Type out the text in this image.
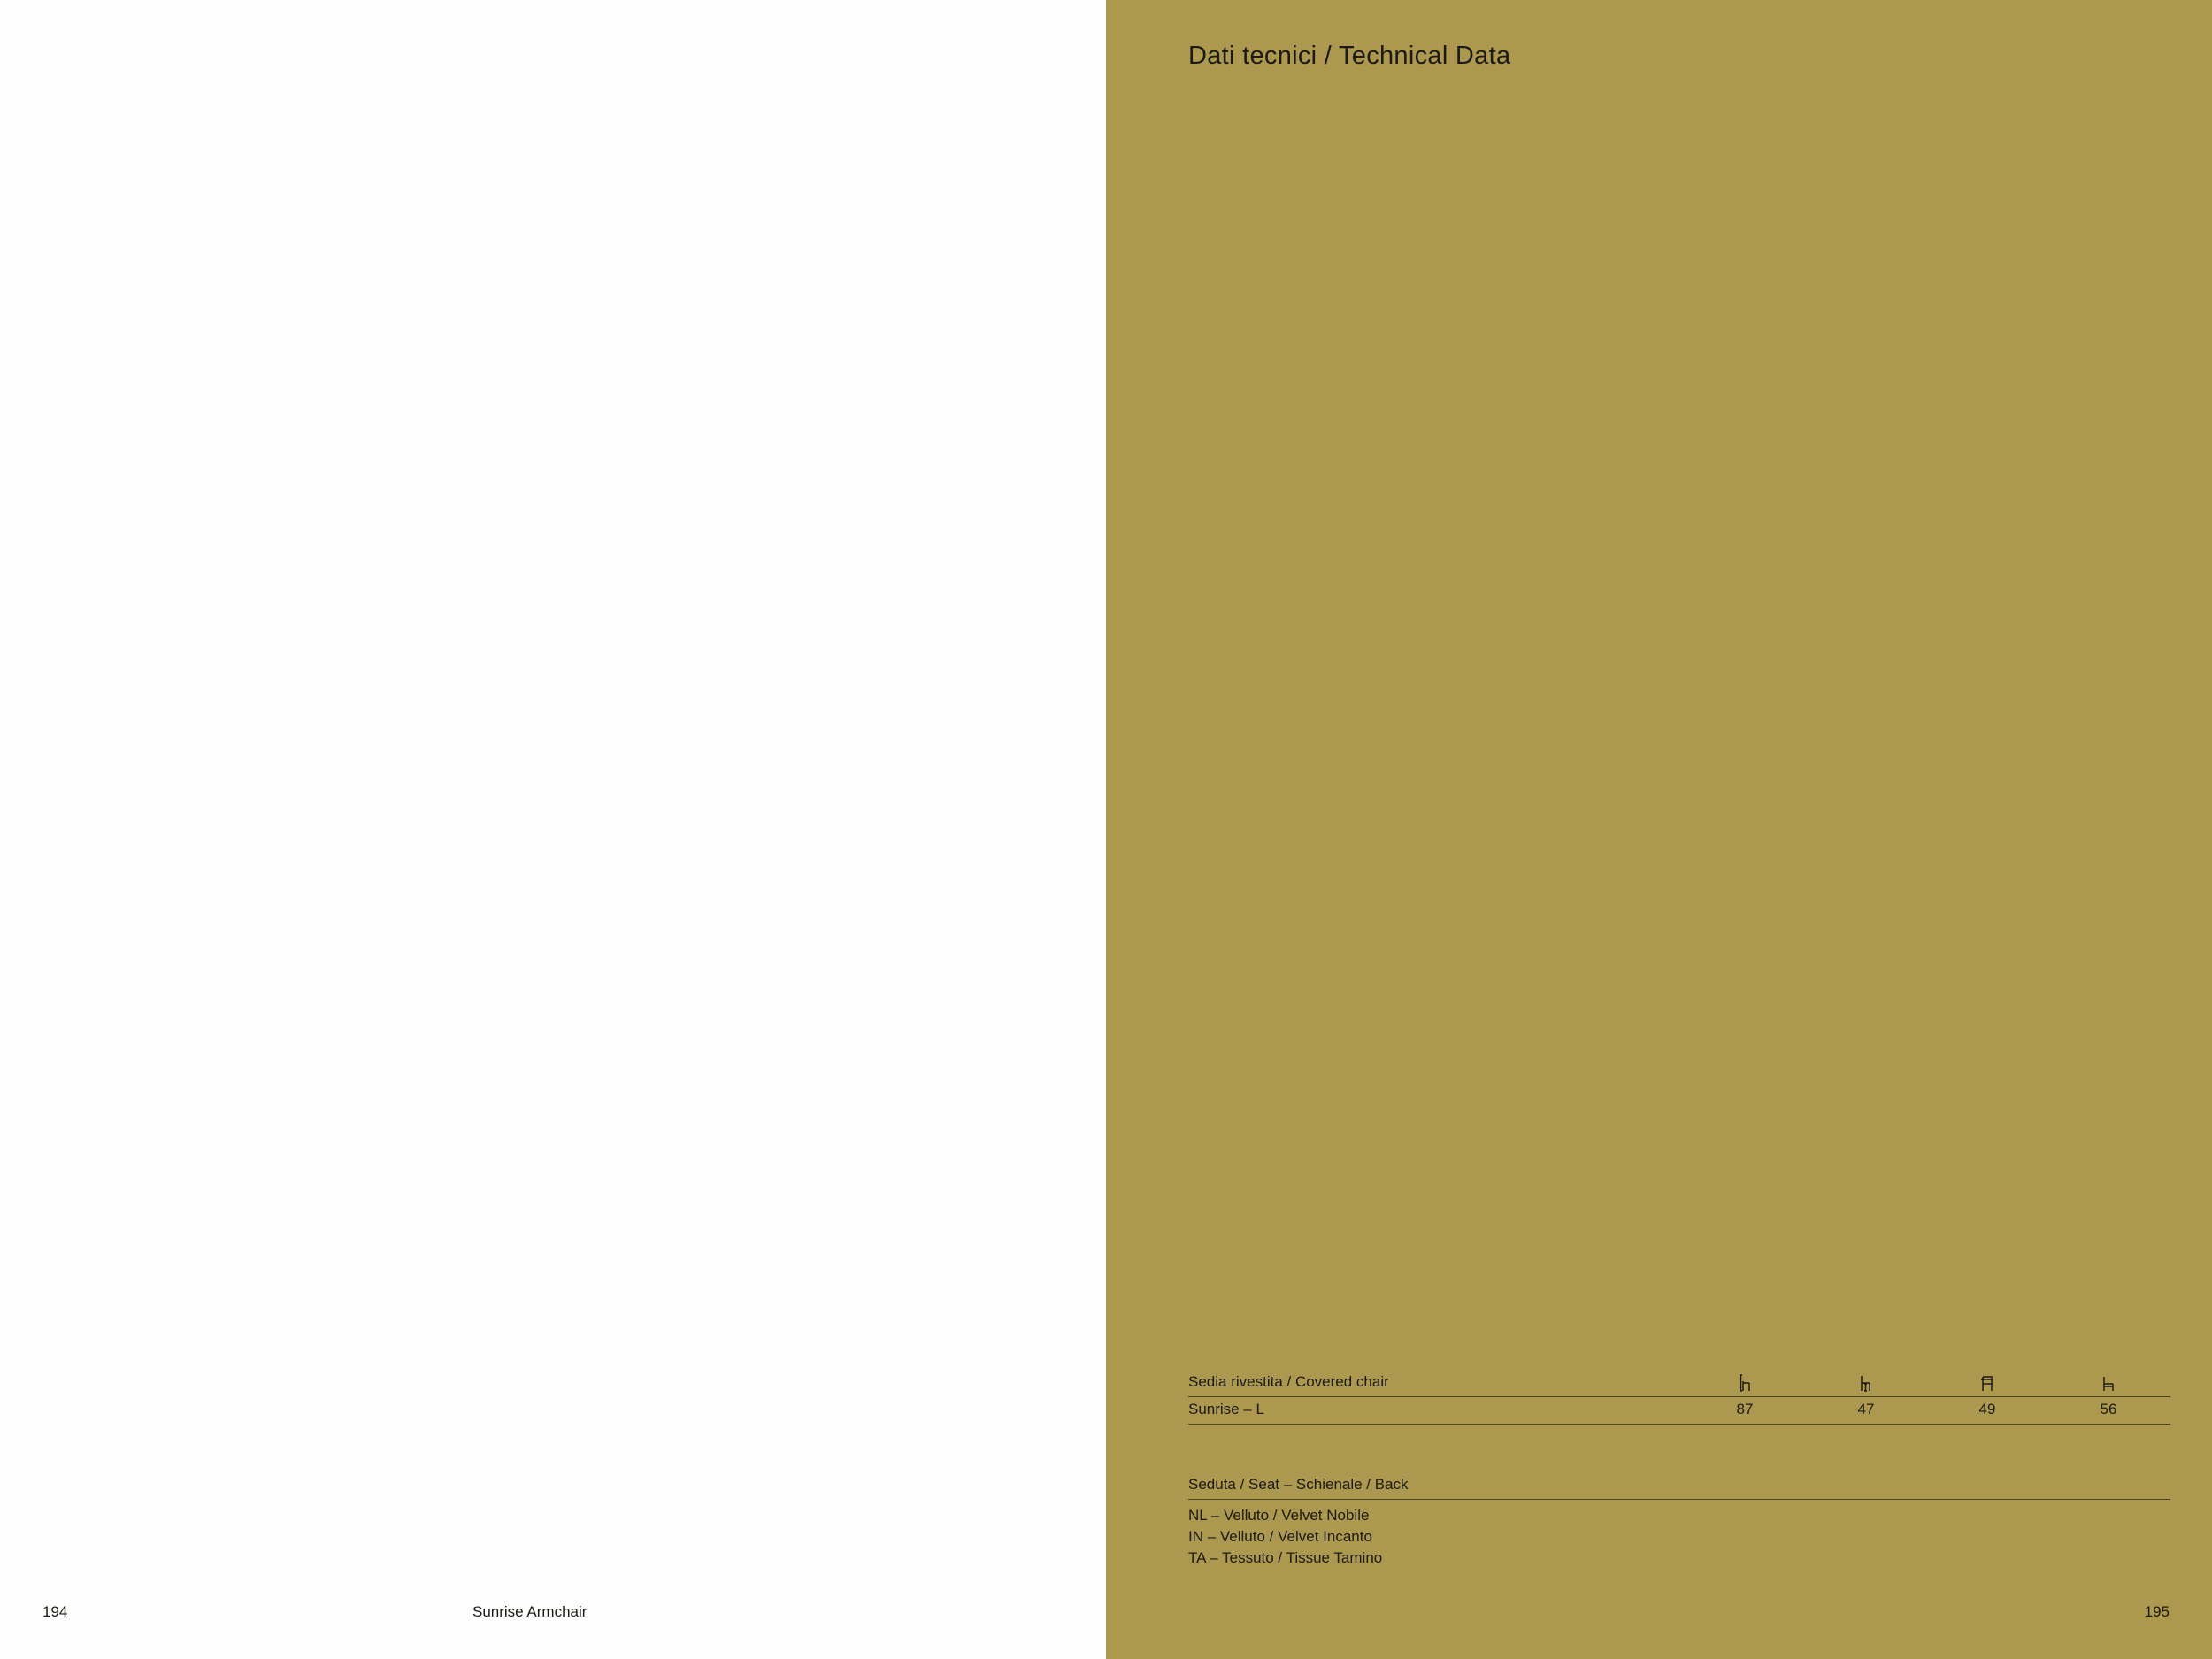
194	Sunrise Armchair
Dati tecnici / Technical Data
Sedia rivestita / Covered chair
Sunrise – L	87	47	49	56
Seduta / Seat – Schienale / Back
NL – Velluto / Velvet Nobile
IN – Velluto / Velvet Incanto
TA – Tessuto / Tissue Tamino
195
